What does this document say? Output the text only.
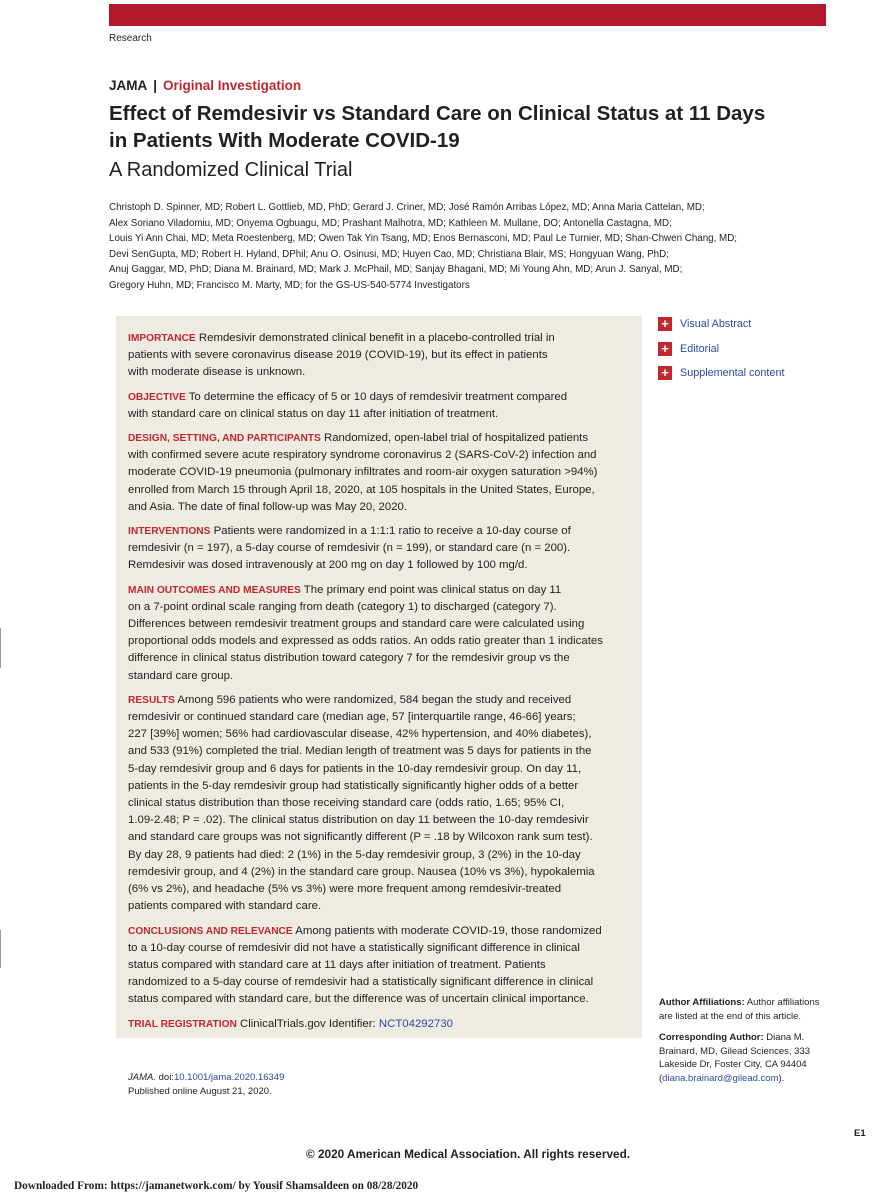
Research
JAMA | Original Investigation
Effect of Remdesivir vs Standard Care on Clinical Status at 11 Days in Patients With Moderate COVID-19
A Randomized Clinical Trial
Christoph D. Spinner, MD; Robert L. Gottlieb, MD, PhD; Gerard J. Criner, MD; José Ramón Arribas López, MD; Anna Maria Cattelan, MD;
Alex Soriano Viladomiu, MD; Onyema Ogbuagu, MD; Prashant Malhotra, MD; Kathleen M. Mullane, DO; Antonella Castagna, MD;
Louis Yi Ann Chai, MD; Meta Roestenberg, MD; Owen Tak Yin Tsang, MD; Enos Bernasconi, MD; Paul Le Turnier, MD; Shan-Chwen Chang, MD;
Devi SenGupta, MD; Robert H. Hyland, DPhil; Anu O. Osinusi, MD; Huyen Cao, MD; Christiana Blair, MS; Hongyuan Wang, PhD;
Anuj Gaggar, MD, PhD; Diana M. Brainard, MD; Mark J. McPhail, MD; Sanjay Bhagani, MD; Mi Young Ahn, MD; Arun J. Sanyal, MD;
Gregory Huhn, MD; Francisco M. Marty, MD; for the GS-US-540-5774 Investigators
IMPORTANCE Remdesivir demonstrated clinical benefit in a placebo-controlled trial in
patients with severe coronavirus disease 2019 (COVID-19), but its effect in patients
with moderate disease is unknown.
OBJECTIVE To determine the efficacy of 5 or 10 days of remdesivir treatment compared
with standard care on clinical status on day 11 after initiation of treatment.
DESIGN, SETTING, AND PARTICIPANTS Randomized, open-label trial of hospitalized patients
with confirmed severe acute respiratory syndrome coronavirus 2 (SARS-CoV-2) infection and
moderate COVID-19 pneumonia (pulmonary infiltrates and room-air oxygen saturation >94%)
enrolled from March 15 through April 18, 2020, at 105 hospitals in the United States, Europe,
and Asia. The date of final follow-up was May 20, 2020.
INTERVENTIONS Patients were randomized in a 1:1:1 ratio to receive a 10-day course of
remdesivir (n = 197), a 5-day course of remdesivir (n = 199), or standard care (n = 200).
Remdesivir was dosed intravenously at 200 mg on day 1 followed by 100 mg/d.
MAIN OUTCOMES AND MEASURES The primary end point was clinical status on day 11
on a 7-point ordinal scale ranging from death (category 1) to discharged (category 7).
Differences between remdesivir treatment groups and standard care were calculated using
proportional odds models and expressed as odds ratios. An odds ratio greater than 1 indicates
difference in clinical status distribution toward category 7 for the remdesivir group vs the
standard care group.
RESULTS Among 596 patients who were randomized, 584 began the study and received
remdesivir or continued standard care (median age, 57 [interquartile range, 46-66] years;
227 [39%] women; 56% had cardiovascular disease, 42% hypertension, and 40% diabetes),
and 533 (91%) completed the trial. Median length of treatment was 5 days for patients in the
5-day remdesivir group and 6 days for patients in the 10-day remdesivir group. On day 11,
patients in the 5-day remdesivir group had statistically significantly higher odds of a better
clinical status distribution than those receiving standard care (odds ratio, 1.65; 95% CI,
1.09-2.48; P = .02). The clinical status distribution on day 11 between the 10-day remdesivir
and standard care groups was not significantly different (P = .18 by Wilcoxon rank sum test).
By day 28, 9 patients had died: 2 (1%) in the 5-day remdesivir group, 3 (2%) in the 10-day
remdesivir group, and 4 (2%) in the standard care group. Nausea (10% vs 3%), hypokalemia
(6% vs 2%), and headache (5% vs 3%) were more frequent among remdesivir-treated
patients compared with standard care.
CONCLUSIONS AND RELEVANCE Among patients with moderate COVID-19, those randomized
to a 10-day course of remdesivir did not have a statistically significant difference in clinical
status compared with standard care at 11 days after initiation of treatment. Patients
randomized to a 5-day course of remdesivir had a statistically significant difference in clinical
status compared with standard care, but the difference was of uncertain clinical importance.
TRIAL REGISTRATION ClinicalTrials.gov Identifier: NCT04292730
JAMA. doi:10.1001/jama.2020.16349
Published online August 21, 2020.
+ Visual Abstract
+ Editorial
+ Supplemental content
Author Affiliations: Author affiliations are listed at the end of this article.
Corresponding Author: Diana M. Brainard, MD, Gilead Sciences, 333 Lakeside Dr, Foster City, CA 94404 (diana.brainard@gilead.com).
E1
© 2020 American Medical Association. All rights reserved.
Downloaded From: https://jamanetwork.com/ by Yousif Shamsaldeen on 08/28/2020
